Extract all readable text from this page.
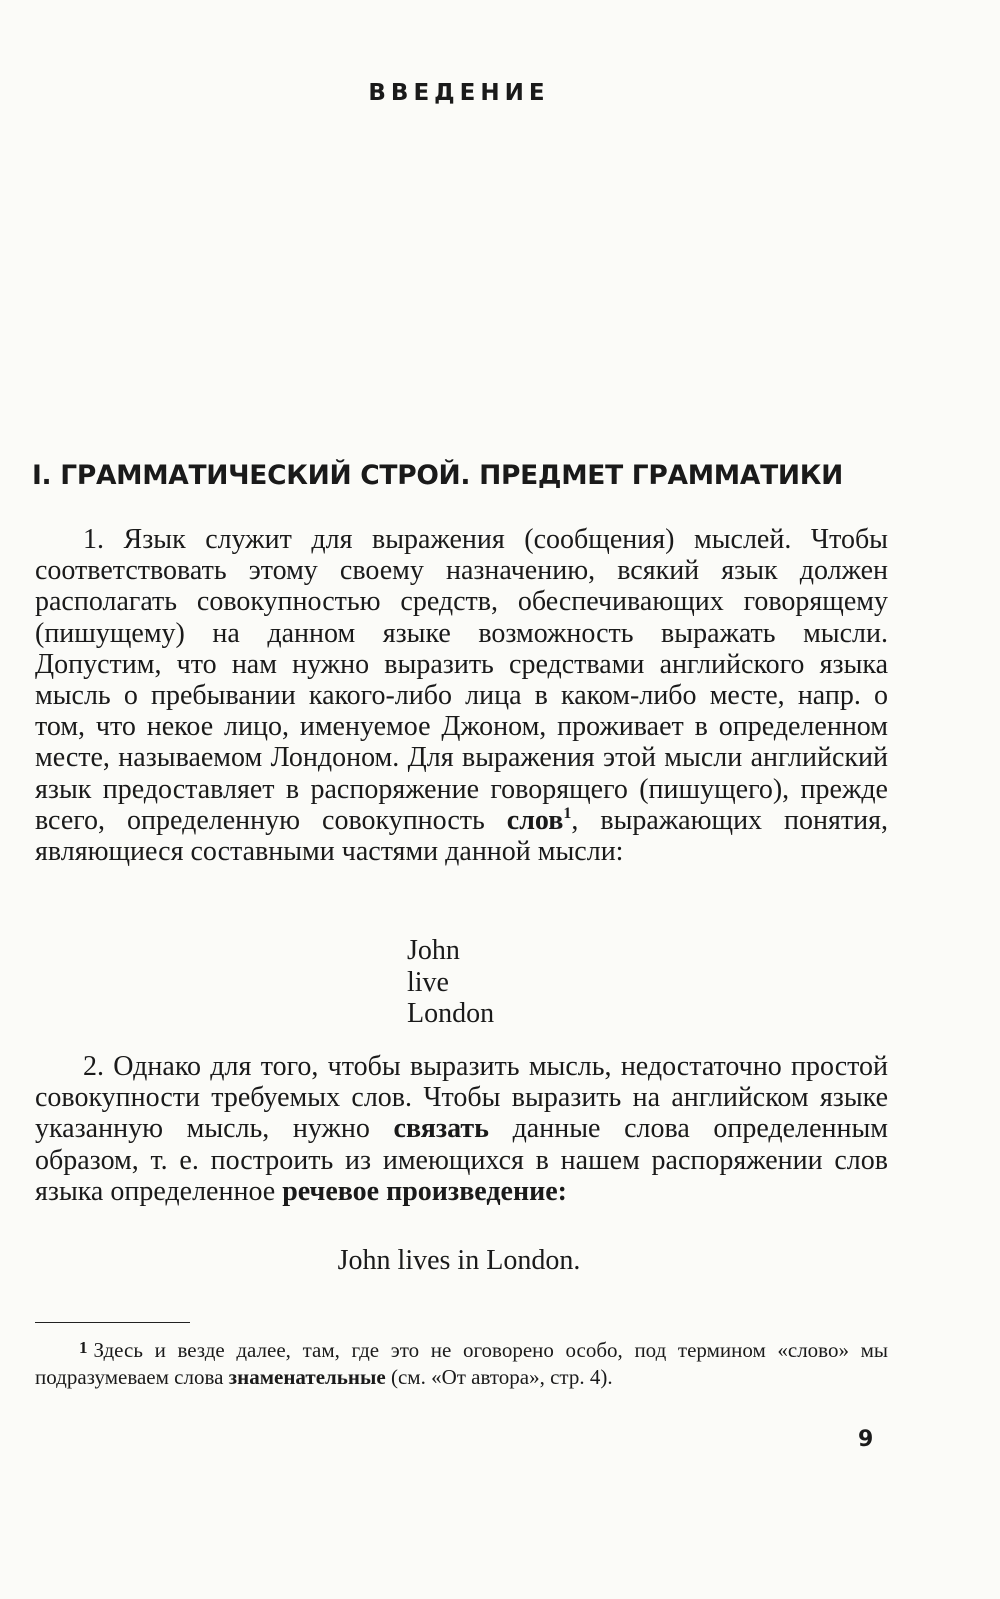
ВВЕДЕНИЕ
I. ГРАММАТИЧЕСКИЙ СТРОЙ. ПРЕДМЕТ ГРАММАТИКИ
1. Язык служит для выражения (сообщения) мыслей. Чтобы соответствовать этому своему назначению, всякий язык должен располагать совокупностью средств, обеспечивающих говорящему (пишущему) на данном языке возможность выражать мысли. Допустим, что нам нужно выразить средствами английского языка мысль о пребывании какого-либо лица в каком-либо месте, напр. о том, что некое лицо, именуемое Джоном, проживает в определенном месте, называемом Лондоном. Для выражения этой мысли английский язык предоставляет в распоряжение говорящего (пишущего), прежде всего, определенную совокупность слов$^1$, выражающих понятия, являющиеся составными частями данной мысли:
John
live
London
2. Однако для того, чтобы выразить мысль, недостаточно простой совокупности требуемых слов. Чтобы выразить на английском языке указанную мысль, нужно связать данные слова определенным образом, т. е. построить из имеющихся в нашем распоряжении слов языка определенное речевое произведение:
John lives in London.
1 Здесь и везде далее, там, где это не оговорено особо, под термином «слово» мы подразумеваем слова знаменательные (см. «От автора», стр. 4).
9
